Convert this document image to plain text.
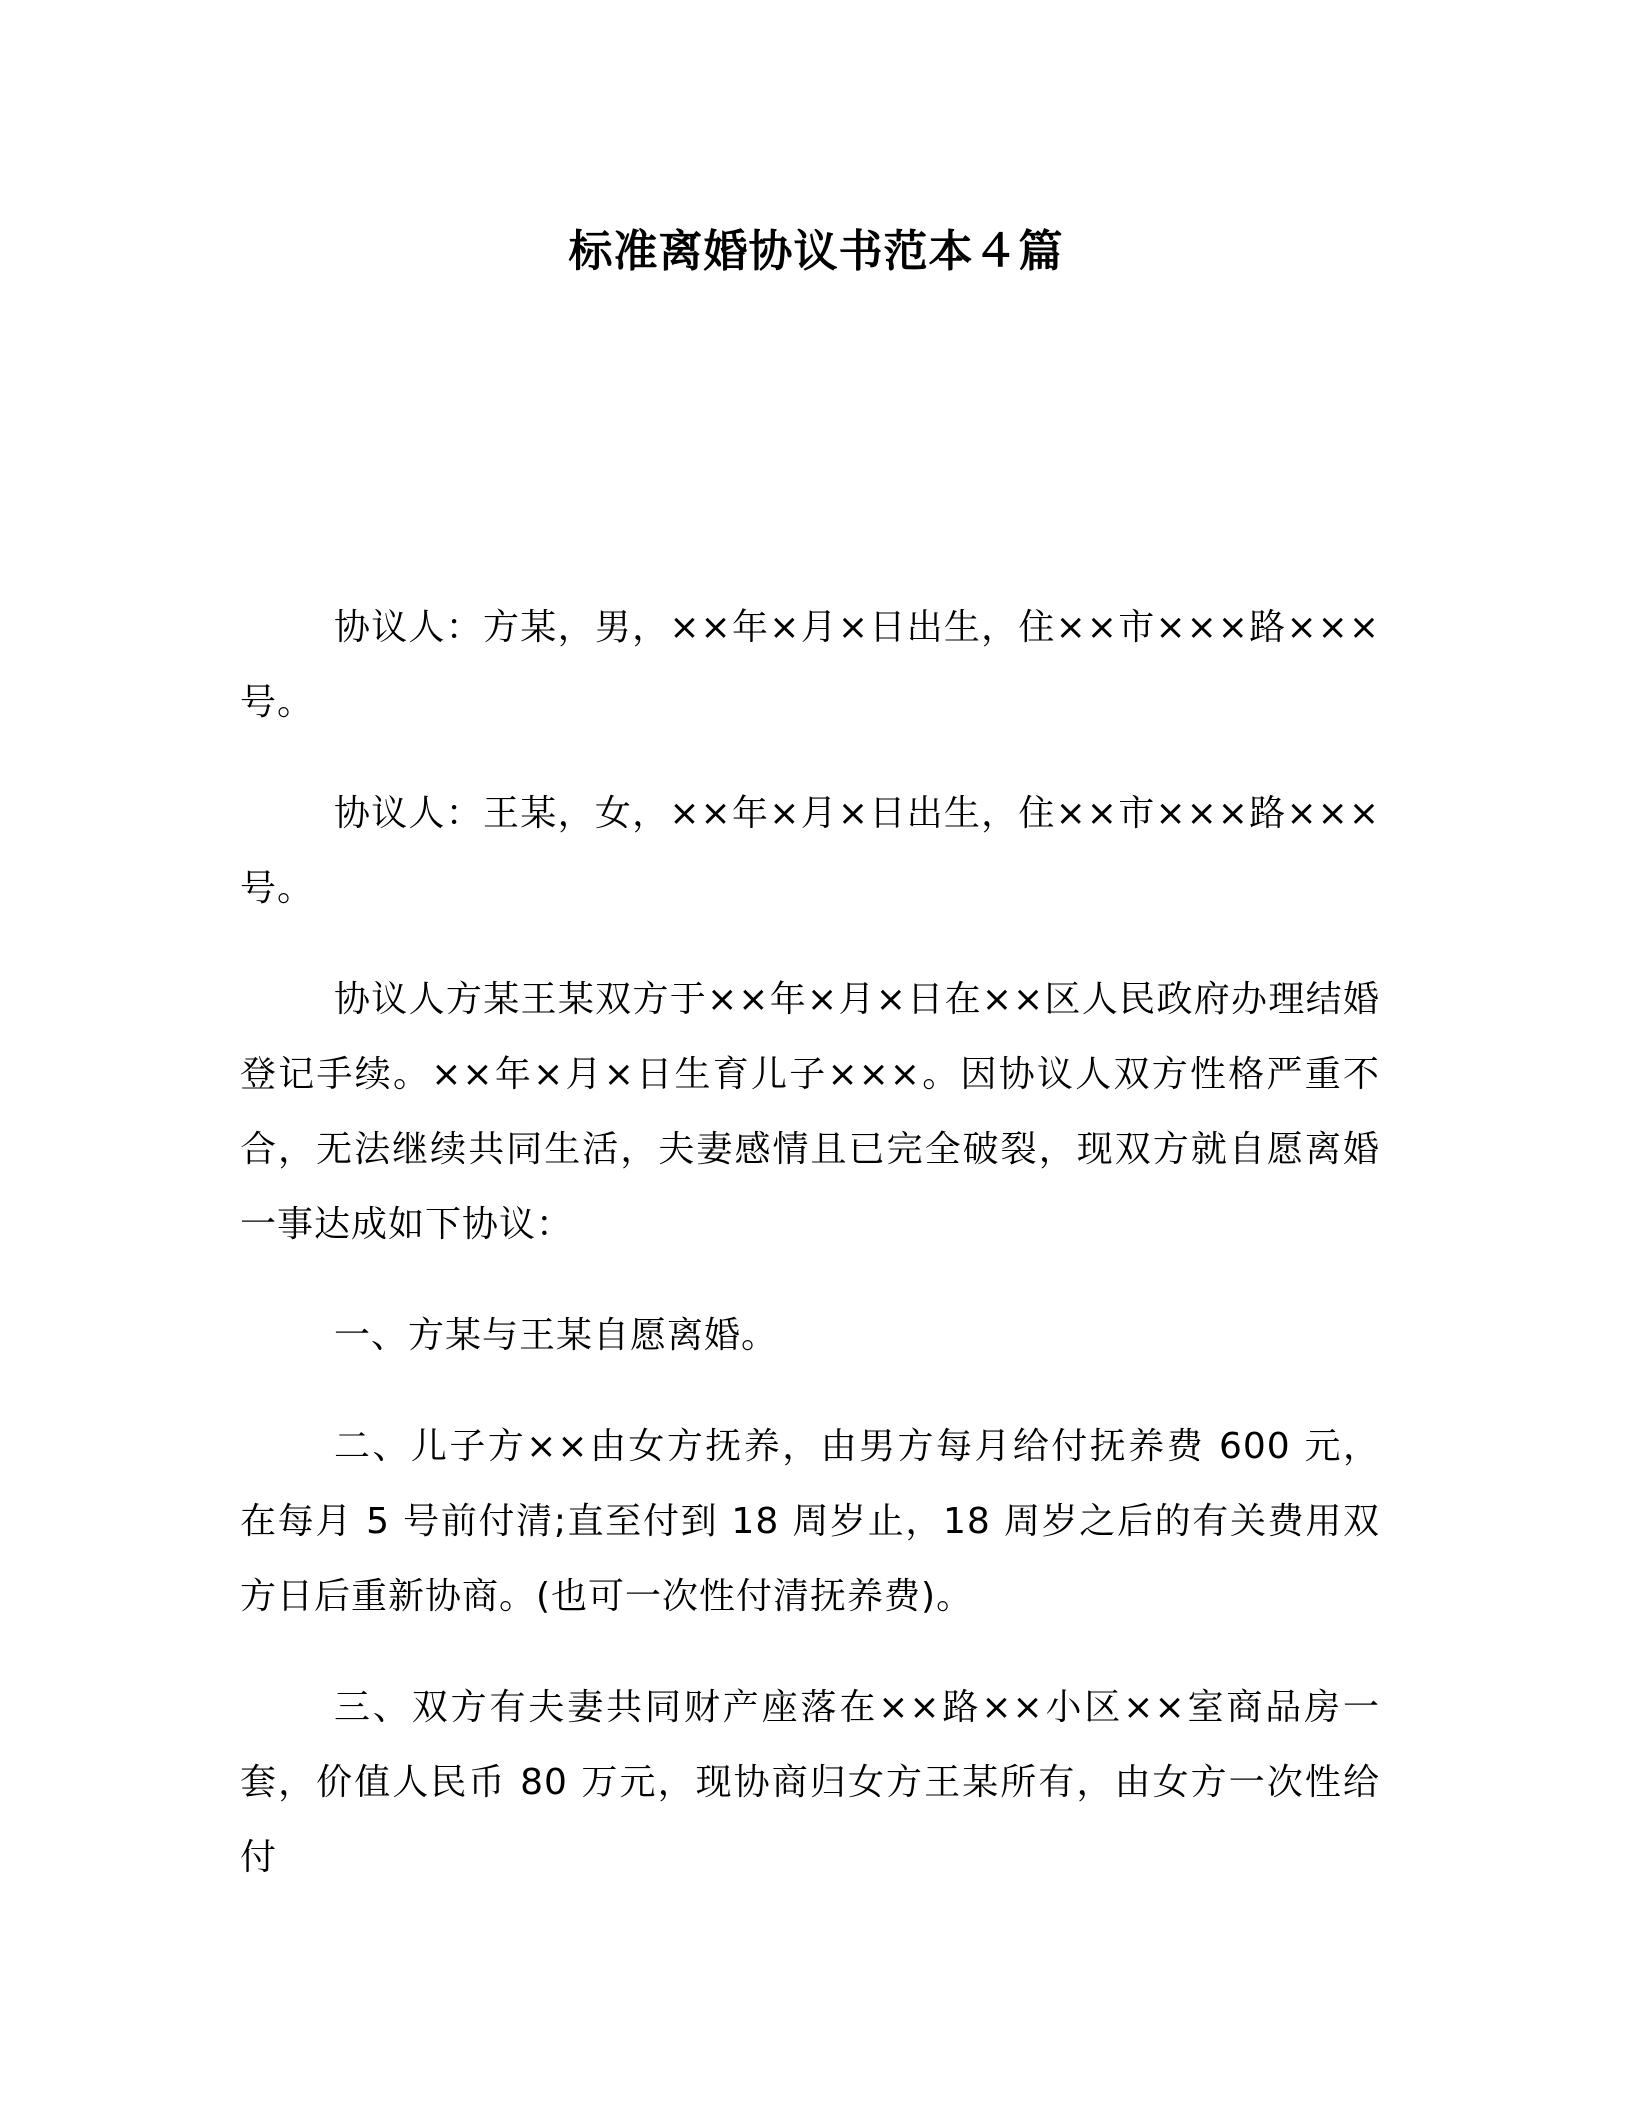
标准离婚协议书范本４篇

协议人：方某，男，××年×月×日出生，住××市×××路×××号。

协议人：王某，女，××年×月×日出生，住××市×××路×××号。

协议人方某王某双方于××年×月×日在××区人民政府办理结婚登记手续。××年×月×日生育儿子×××。因协议人双方性格严重不合，无法继续共同生活，夫妻感情且已完全破裂，现双方就自愿离婚一事达成如下协议：

一、方某与王某自愿离婚。

二、儿子方××由女方抚养，由男方每月给付抚养费 600 元，在每月 5 号前付清;直至付到 18 周岁止，18 周岁之后的有关费用双方日后重新协商。(也可一次性付清抚养费)。

三、双方有夫妻共同财产座落在××路××小区××室商品房一套，价值人民币 80 万元，现协商归女方王某所有，由女方一次性给付
